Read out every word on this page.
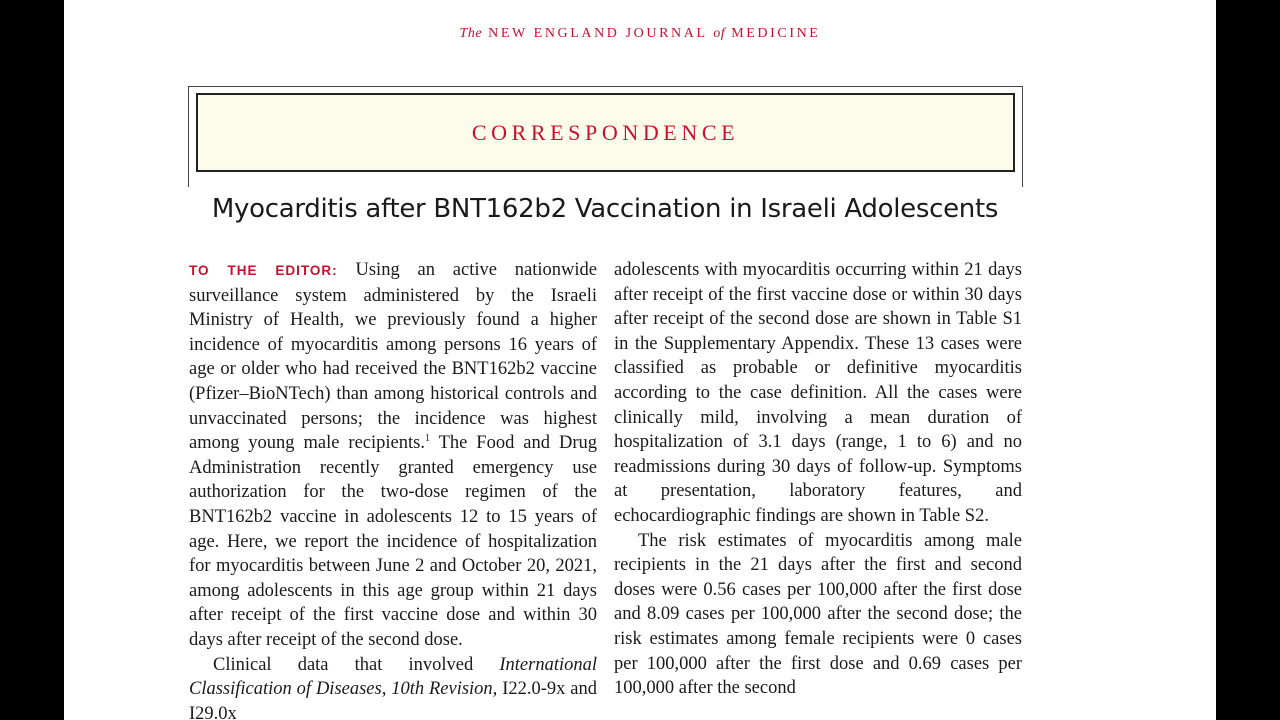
The NEW ENGLAND JOURNAL of MEDICINE
CORRESPONDENCE
Myocarditis after BNT162b2 Vaccination in Israeli Adolescents

TO THE EDITOR: Using an active nationwide surveillance system administered by the Israeli Ministry of Health, we previously found a higher incidence of myocarditis among persons 16 years of age or older who had received the BNT162b2 vaccine (Pfizer–BioNTech) than among historical controls and unvaccinated persons; the incidence was highest among young male recipients.$^1$ The Food and Drug Administration recently granted emergency use authorization for the two-dose regimen of the BNT162b2 vaccine in adolescents 12 to 15 years of age. Here, we report the incidence of hospitalization for myocarditis between June 2 and October 20, 2021, among adolescents in this age group within 21 days after receipt of the first vaccine dose and within 30 days after receipt of the second dose.

Clinical data that involved International Classification of Diseases, 10th Revision, I22.0-9x and I29.0x

adolescents with myocarditis occurring within 21 days after receipt of the first vaccine dose or within 30 days after receipt of the second dose are shown in Table S1 in the Supplementary Appendix. These 13 cases were classified as probable or definitive myocarditis according to the case definition. All the cases were clinically mild, involving a mean duration of hospitalization of 3.1 days (range, 1 to 6) and no readmissions during 30 days of follow-up. Symptoms at presentation, laboratory features, and echocardiographic findings are shown in Table S2.

The risk estimates of myocarditis among male recipients in the 21 days after the first and second doses were 0.56 cases per 100,000 after the first dose and 8.09 cases per 100,000 after the second dose; the risk estimates among female recipients were 0 cases per 100,000 after the first dose and 0.69 cases per 100,000 after the second
